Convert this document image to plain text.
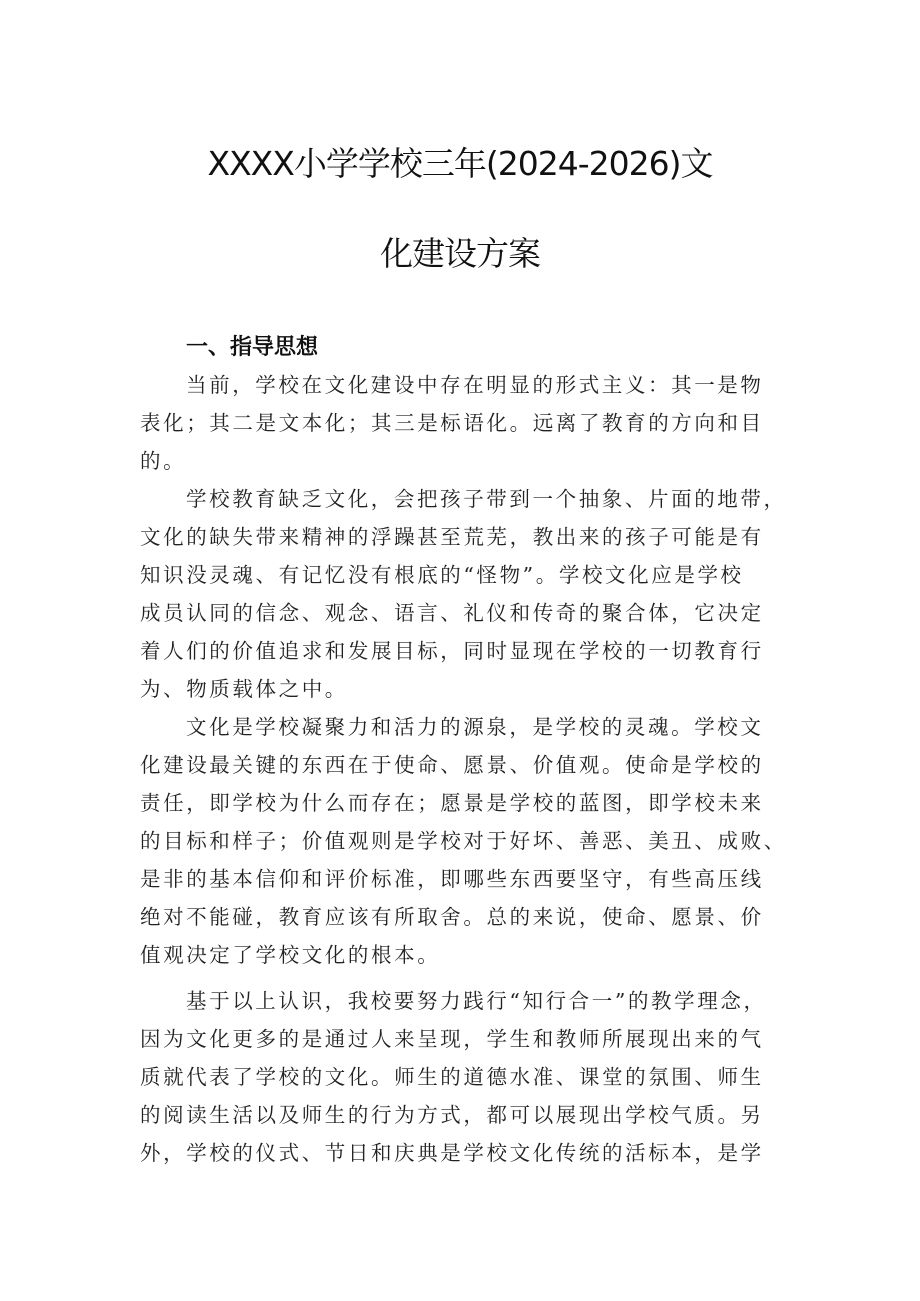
XXXX小学学校三年(2024-2026)文
化建设方案
一、指导思想

当前，学校在文化建设中存在明显的形式主义：其一是物
表化；其二是文本化；其三是标语化。远离了教育的方向和目
的。

学校教育缺乏文化，会把孩子带到一个抽象、片面的地带，
文化的缺失带来精神的浮躁甚至荒芜，教出来的孩子可能是有
知识没灵魂、有记忆没有根底的“怪物”。学校文化应是学校
成员认同的信念、观念、语言、礼仪和传奇的聚合体，它决定
着人们的价值追求和发展目标，同时显现在学校的一切教育行
为、物质载体之中。

文化是学校凝聚力和活力的源泉，是学校的灵魂。学校文
化建设最关键的东西在于使命、愿景、价值观。使命是学校的
责任，即学校为什么而存在；愿景是学校的蓝图，即学校未来
的目标和样子；价值观则是学校对于好坏、善恶、美丑、成败、
是非的基本信仰和评价标准，即哪些东西要坚守，有些高压线
绝对不能碰，教育应该有所取舍。总的来说，使命、愿景、价
值观决定了学校文化的根本。

基于以上认识，我校要努力践行“知行合一”的教学理念，
因为文化更多的是通过人来呈现，学生和教师所展现出来的气
质就代表了学校的文化。师生的道德水准、课堂的氛围、师生
的阅读生活以及师生的行为方式，都可以展现出学校气质。另
外，学校的仪式、节日和庆典是学校文化传统的活标本，是学
